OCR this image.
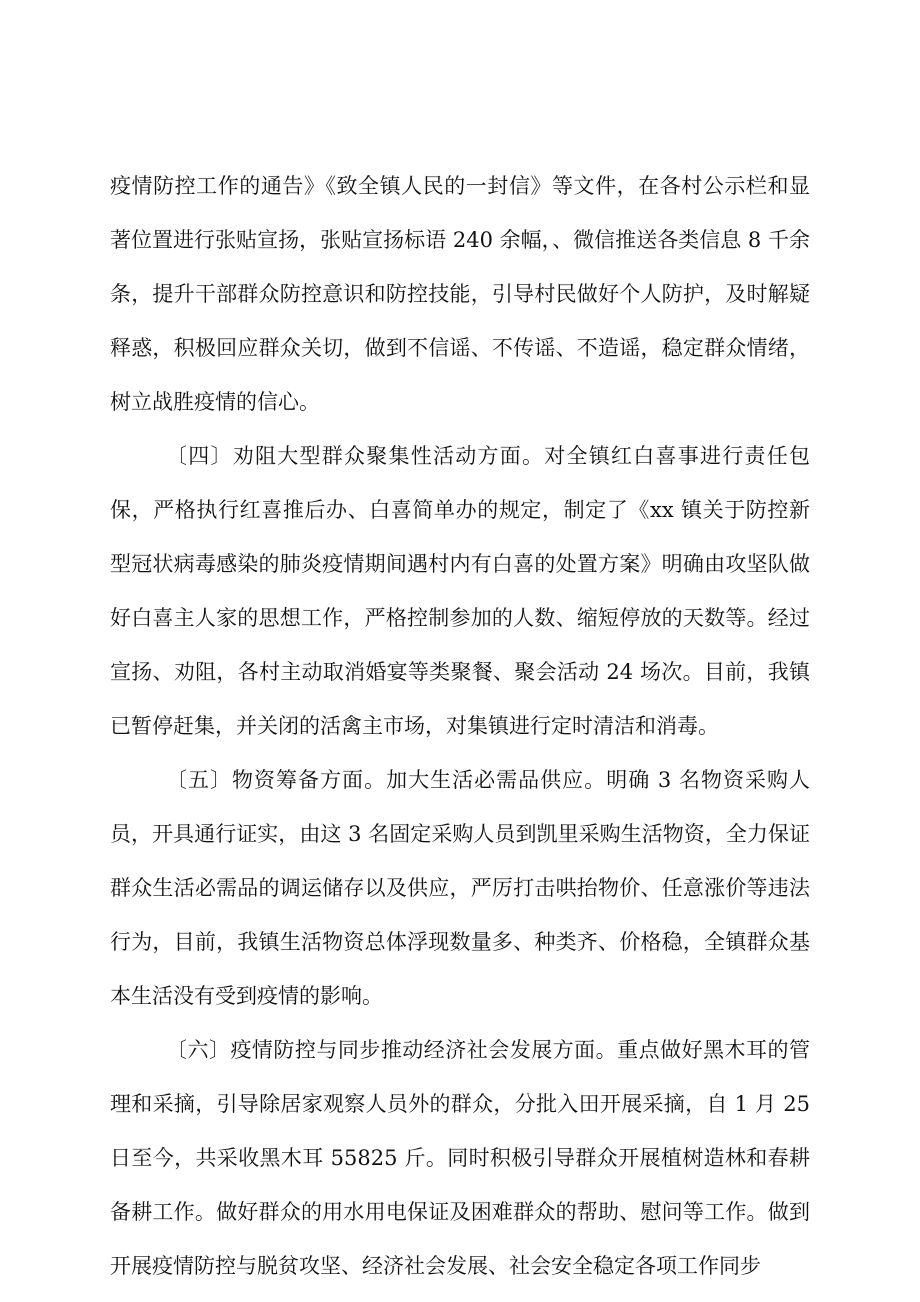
疫情防控工作的通告》《致全镇人民的一封信》等文件，在各村公示栏和显著位置进行张贴宣扬，张贴宣扬标语 240 余幅，、微信推送各类信息 8 千余条，提升干部群众防控意识和防控技能，引导村民做好个人防护，及时解疑释惑，积极回应群众关切，做到不信谣、不传谣、不造谣，稳定群众情绪，树立战胜疫情的信心。

〔四〕劝阻大型群众聚集性活动方面。对全镇红白喜事进行责任包保，严格执行红喜推后办、白喜简单办的规定，制定了《xx 镇关于防控新型冠状病毒感染的肺炎疫情期间遇村内有白喜的处置方案》明确由攻坚队做好白喜主人家的思想工作，严格控制参加的人数、缩短停放的天数等。经过宣扬、劝阻，各村主动取消婚宴等类聚餐、聚会活动 24 场次。目前，我镇已暂停赶集，并关闭的活禽主市场，对集镇进行定时清洁和消毒。

〔五〕物资筹备方面。加大生活必需品供应。明确 3 名物资采购人员，开具通行证实，由这 3 名固定采购人员到凯里采购生活物资，全力保证群众生活必需品的调运储存以及供应，严厉打击哄抬物价、任意涨价等违法行为，目前，我镇生活物资总体浮现数量多、种类齐、价格稳，全镇群众基本生活没有受到疫情的影响。

〔六〕疫情防控与同步推动经济社会发展方面。重点做好黑木耳的管理和采摘，引导除居家观察人员外的群众，分批入田开展采摘，自 1 月 25 日至今，共采收黑木耳 55825 斤。同时积极引导群众开展植树造林和春耕备耕工作。做好群众的用水用电保证及困难群众的帮助、慰问等工作。做到开展疫情防控与脱贫攻坚、经济社会发展、社会安全稳定各项工作同步
